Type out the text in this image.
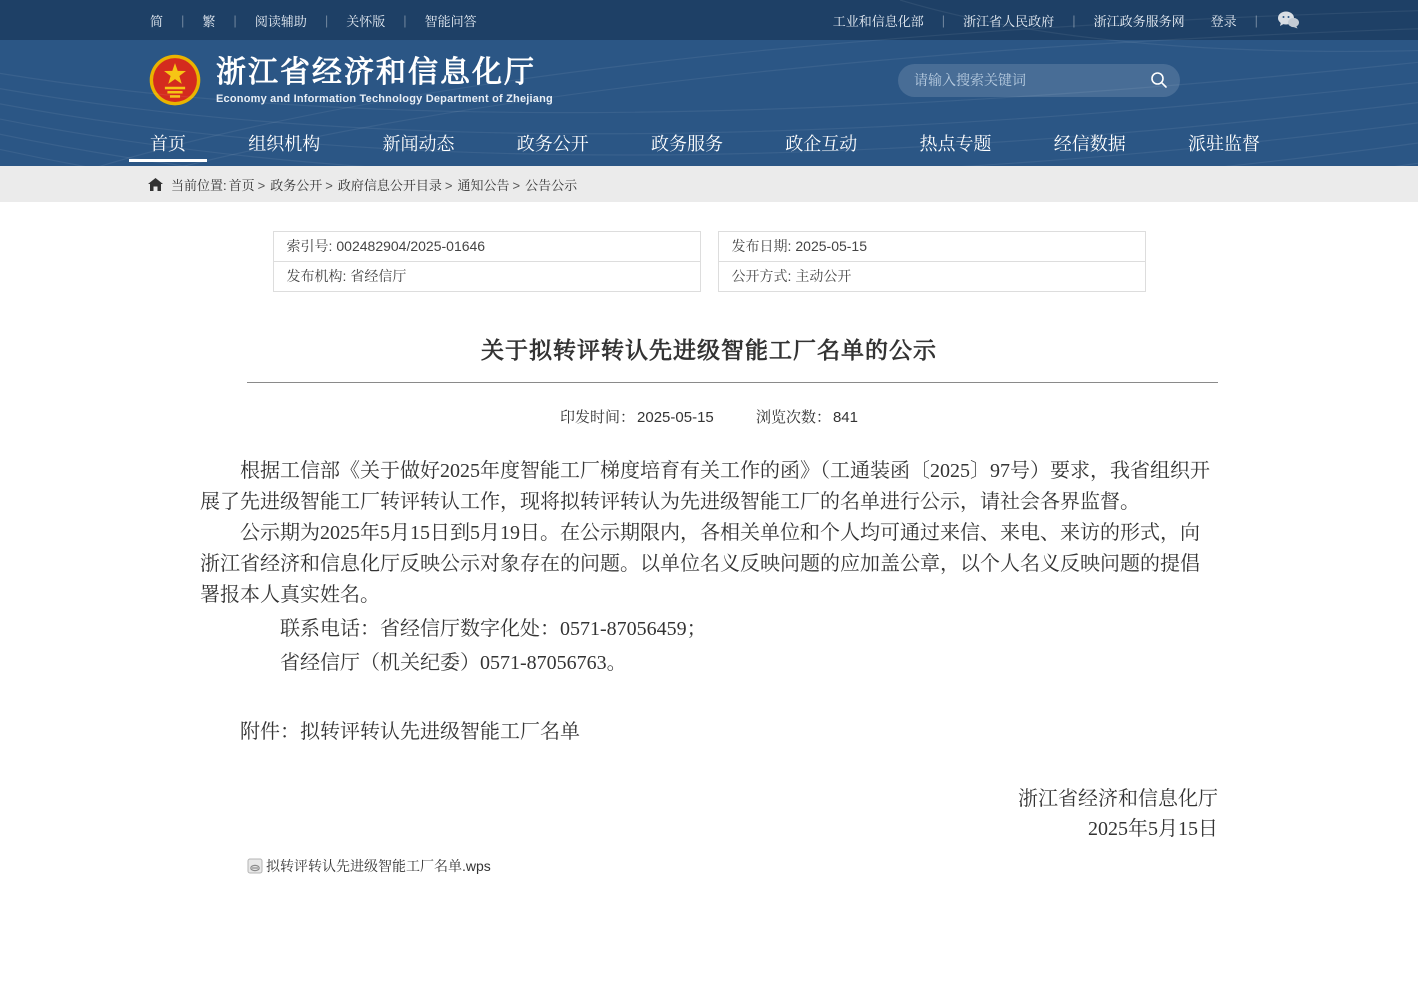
简 | 繁 | 阅读辅助 | 关怀版 | 智能问答	工业和信息化部 | 浙江省人民政府 | 浙江政务服务网 登录 |
浙江省经济和信息化厅
Economy and Information Technology Department of Zhejiang
请输入搜索关键词
首页	组织机构	新闻动态	政务公开	政务服务	政企互动	热点专题	经信数据	派驻监督
当前位置: 首页 >	政务公开 >	政府信息公开目录 >	通知公告 >	公告公示
索引号: 002482904/2025-01646	发布日期: 2025-05-15
发布机构: 省经信厅	公开方式: 主动公开
关于拟转评转认先进级智能工厂名单的公示
印发时间： 2025-05-15	浏览次数： 841

根据工信部《关于做好2025年度智能工厂梯度培育有关工作的函》（工通装函〔2025〕97号）要求，我省组织开展了先进级智能工厂转评转认工作，现将拟转评转认为先进级智能工厂的名单进行公示，请社会各界监督。

公示期为2025年5月15日到5月19日。在公示期限内，各相关单位和个人均可通过来信、来电、来访的形式，向浙江省经济和信息化厅反映公示对象存在的问题。以单位名义反映问题的应加盖公章，以个人名义反映问题的提倡署报本人真实姓名。

联系电话：省经信厅数字化处：0571-87056459；

省经信厅（机关纪委）0571-87056763。

附件：拟转评转认先进级智能工厂名单

浙江省经济和信息化厅
2025年5月15日
拟转评转认先进级智能工厂名单.wps
